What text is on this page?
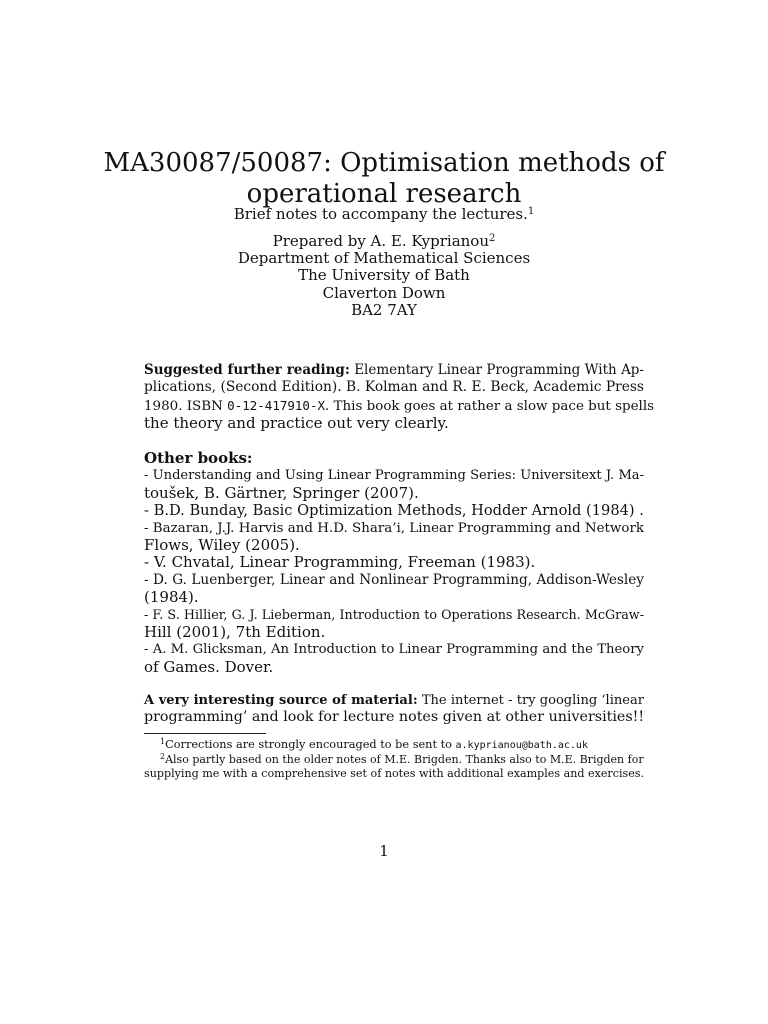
MA30087/50087: Optimisation methods of
operational research
Brief notes to accompany the lectures.$^1$
Prepared by A. E. Kyprianou$^2$
Department of Mathematical Sciences
The University of Bath
Claverton Down
BA2 7AY
Suggested further reading: Elementary Linear Programming With Ap-
plications, (Second Edition). B. Kolman and R. E. Beck, Academic Press
1980. ISBN 0-12-417910-X. This book goes at rather a slow pace but spells
the theory and practice out very clearly.
Other books:
- Understanding and Using Linear Programming Series: Universitext J. Ma-
toušek, B. Gärtner, Springer (2007).
- B.D. Bunday, Basic Optimization Methods, Hodder Arnold (1984) .
- Bazaran, J.J. Harvis and H.D. Shara’i, Linear Programming and Network
Flows, Wiley (2005).
- V. Chvatal, Linear Programming, Freeman (1983).
- D. G. Luenberger, Linear and Nonlinear Programming, Addison-Wesley
(1984).
- F. S. Hillier, G. J. Lieberman, Introduction to Operations Research. McGraw-
Hill (2001), 7th Edition.
- A. M. Glicksman, An Introduction to Linear Programming and the Theory
of Games. Dover.
A very interesting source of material: The internet - try googling ‘linear
programming’ and look for lecture notes given at other universities!!
$^1$Corrections are strongly encouraged to be sent to a.kyprianou@bath.ac.uk
$^2$Also partly based on the older notes of M.E. Brigden. Thanks also to M.E. Brigden for
supplying me with a comprehensive set of notes with additional examples and exercises.
1
